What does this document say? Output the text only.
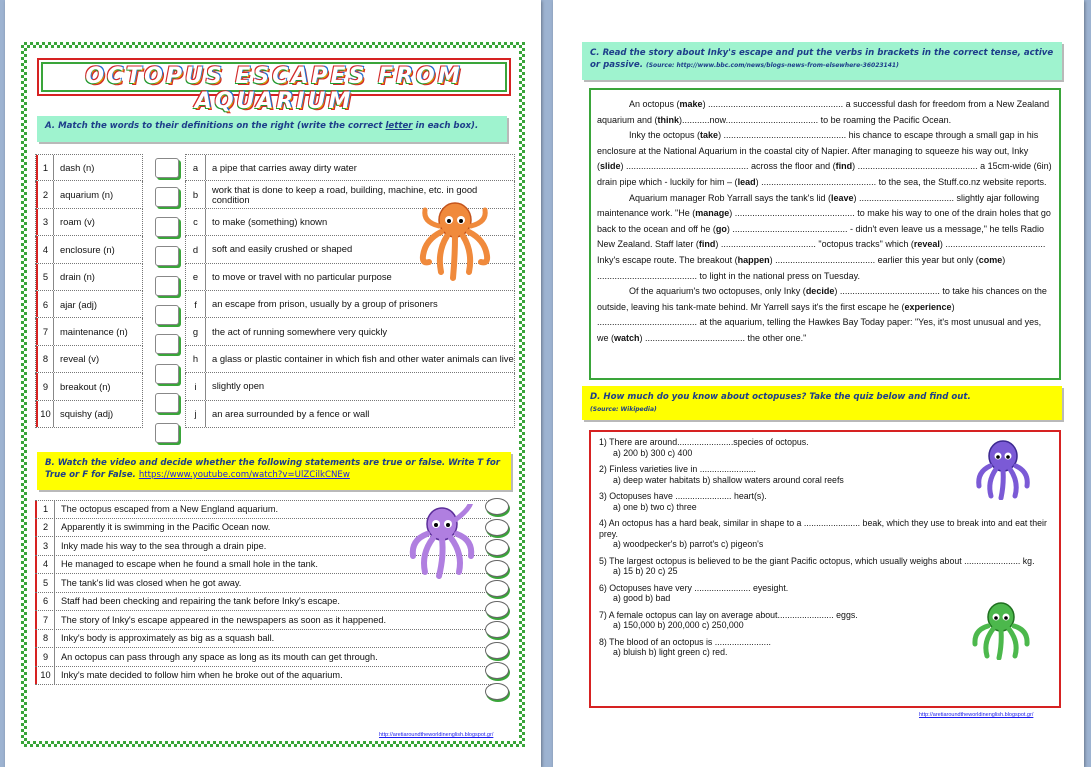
OCTOPUS ESCAPES FROM AQUARIUM
A. Match the words to their definitions on the right (write the correct letter in each box).
1	dash (n)
2	aquarium (n)
3	roam (v)
4	enclosure (n)
5	drain (n)
6	ajar (adj)
7	maintenance (n)
8	reveal (v)
9	breakout (n)
10 squishy (adj)
a	a pipe that carries away dirty water
b	work that is done to keep a road, building, machine, etc. in good condition
c	to make (something) known
d	soft and easily crushed or shaped
e	to move or travel with no particular purpose
f	an escape from prison, usually by a group of prisoners
g	the act of running somewhere very quickly
h	a glass or plastic container in which fish and other water animals can live
i	slightly open
j	an area surrounded by a fence or wall
B. Watch the video and decide whether the following statements are true or false. Write T for True or F for False. https://www.youtube.com/watch?v=UlZCilkCNEw
1	The octopus escaped from a New England aquarium.
2	Apparently it is swimming in the Pacific Ocean now.
3	Inky made his way to the sea through a drain pipe.
4	He managed to escape when he found a small hole in the tank.
5	The tank's lid was closed when he got away.
6	Staff had been checking and repairing the tank before Inky's escape.
7	The story of Inky's escape appeared in the newspapers as soon as it happened.
8	Inky's body is approximately as big as a squash ball.
9	An octopus can pass through any space as long as its mouth can get through.
10	Inky's mate decided to follow him when he broke out of the aquarium.
http://aretiaroundtheworldinenglish.blogspot.gr/
C. Read the story about Inky's escape and put the verbs in brackets in the correct tense, active or passive. (Source: http://www.bbc.com/news/blogs-news-from-elsewhere-36023141)

An octopus (make) ...................................................... a successful dash for freedom from a New Zealand aquarium and (think)...........now..................................... to be roaming the Pacific Ocean.

Inky the octopus (take) ................................................. his chance to escape through a small gap in his enclosure at the National Aquarium in the coastal city of Napier. After managing to squeeze his way out, Inky (slide) ................................................. across the floor and (find) ................................................ a 15cm-wide (6in) drain pipe which - luckily for him – (lead) .............................................. to the sea, the Stuff.co.nz website reports.

Aquarium manager Rob Yarrall says the tank's lid (leave) ...................................... slightly ajar following maintenance work. "He (manage) ................................................ to make his way to one of the drain holes that go back to the ocean and off he (go) .............................................. - didn't even leave us a message," he tells Radio New Zealand. Staff later (find) ...................................... "octopus tracks" which (reveal) ........................................ Inky's escape route. The breakout (happen) ........................................ earlier this year but only (come) ........................................ to light in the national press on Tuesday.

Of the aquarium's two octopuses, only Inky (decide) ........................................ to take his chances on the outside, leaving his tank-mate behind. Mr Yarrell says it's the first escape he (experience) ........................................ at the aquarium, telling the Hawkes Bay Today paper: "Yes, it's most unusual and yes, we (watch) ........................................ the other one."

D. How much do you know about octopuses? Take the quiz below and find out.
(Source: Wikipedia)
1) There are around.......................species of octopus.
a) 200 b) 300 c) 400
2) Finless varieties live in .......................
a) deep water habitats b) shallow waters around coral reefs
3) Octopuses have ....................... heart(s).
a) one b) two c) three
4) An octopus has a hard beak, similar in shape to a ....................... beak, which they use to break into and eat their prey.
a) woodpecker's b) parrot's c) pigeon's
5) The largest octopus is believed to be the giant Pacific octopus, which usually weighs about ....................... kg.
a) 15 b) 20 c) 25
6) Octopuses have very ....................... eyesight.
a) good b) bad
7) A female octopus can lay on average about....................... eggs.
a) 150,000 b) 200,000 c) 250,000
8) The blood of an octopus is .......................
a) bluish b) light green c) red.
http://aretiaroundtheworldinenglish.blogspot.gr/
